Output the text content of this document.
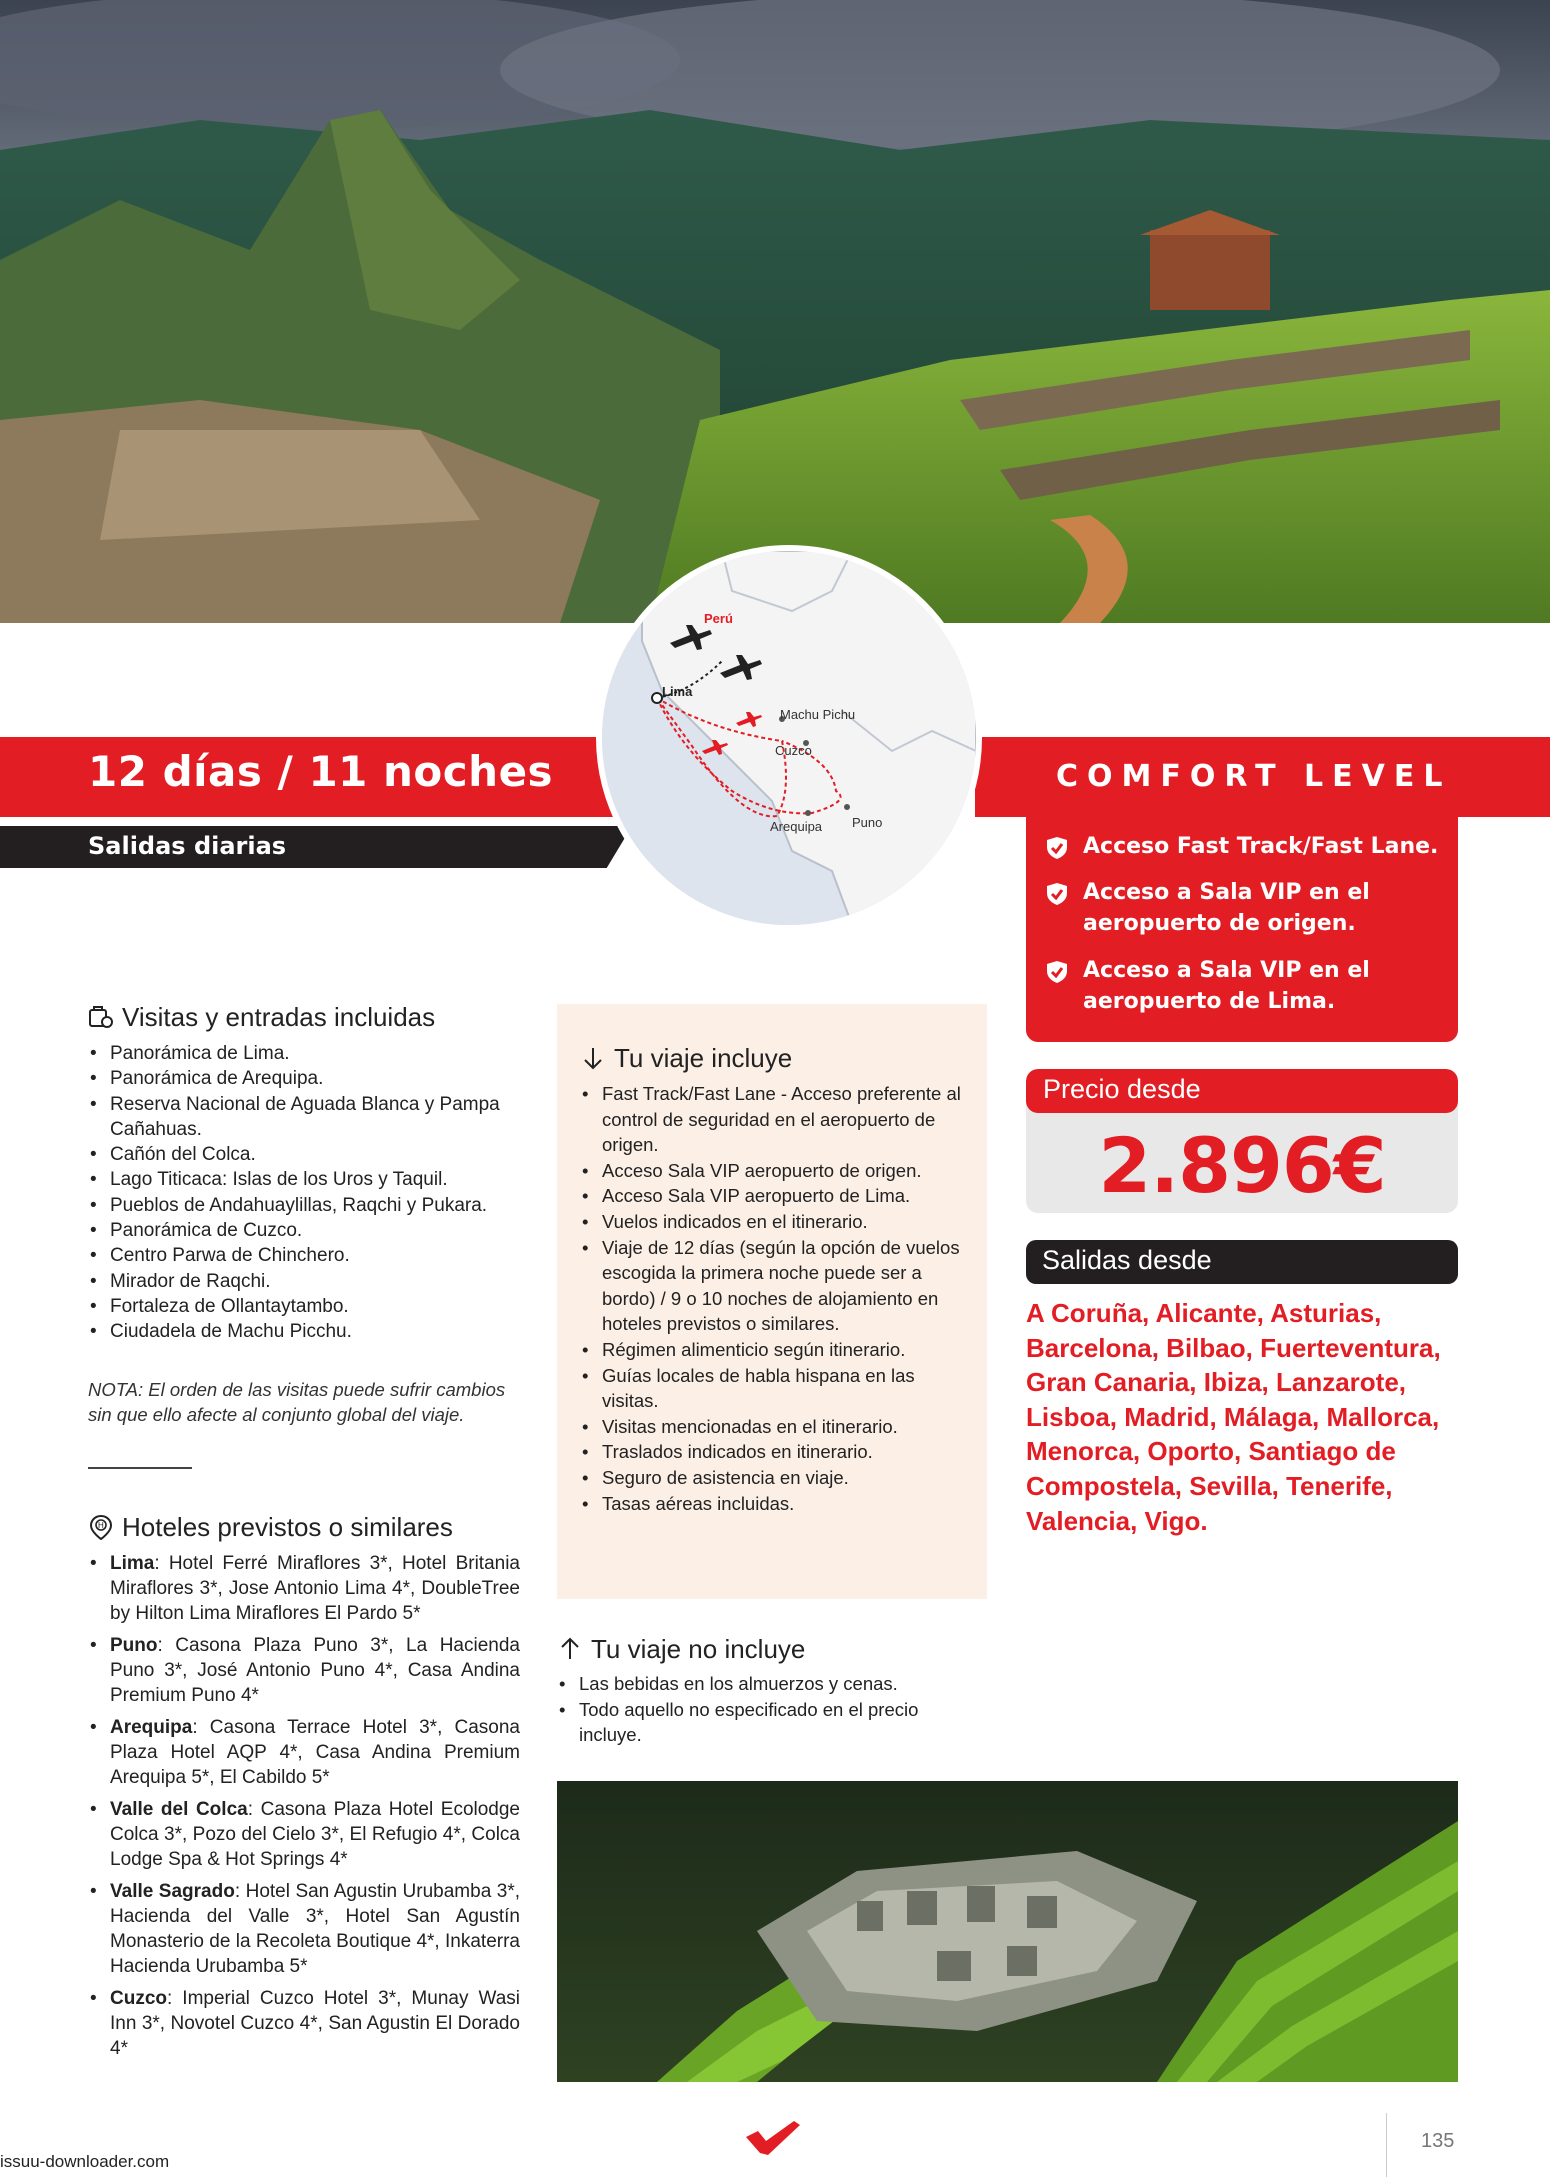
12 días / 11 noches	COMFORT LEVEL
Salidas diarias	Acceso Fast Track/Fast Lane.
Acceso a Sala VIP en el aeropuerto de origen.
Acceso a Sala VIP en el aeropuerto de Lima.
Perú
Lima
Machu Pichu
Cuzco
Arequipa Puno
Visitas y entradas incluidas
• Panorámica de Lima.
• Panorámica de Arequipa.
• Reserva Nacional de Aguada Blanca y Pampa Cañahuas.
• Cañón del Colca.
• Lago Titicaca: Islas de los Uros y Taquil.
• Pueblos de Andahuaylillas, Raqchi y Pukara.
• Panorámica de Cuzco.
• Centro Parwa de Chinchero.
• Mirador de Raqchi.
• Fortaleza de Ollantaytambo.
• Ciudadela de Machu Picchu.
NOTA: El orden de las visitas puede sufrir cambios sin que ello afecte al conjunto global del viaje.
H Hoteles previstos o similares
• Lima: Hotel Ferré Miraflores 3*, Hotel Britania Miraflores 3*, Jose Antonio Lima 4*, DoubleTree by Hilton Lima Miraflores El Pardo 5*
• Puno: Casona Plaza Puno 3*, La Hacienda Puno 3*, José Antonio Puno 4*, Casa Andina Premium Puno 4*
• Arequipa: Casona Terrace Hotel 3*, Casona Plaza Hotel AQP 4*, Casa Andina Premium Arequipa 5*, El Cabildo 5*
• Valle del Colca: Casona Plaza Hotel Ecolodge Colca 3*, Pozo del Cielo 3*, El Refugio 4*, Colca Lodge Spa & Hot Springs 4*
• Valle Sagrado: Hotel San Agustin Urubamba 3*, Hacienda del Valle 3*, Hotel San Agustín Monasterio de la Recoleta Boutique 4*, Inkaterra Hacienda Urubamba 5*
• Cuzco: Imperial Cuzco Hotel 3*, Munay Wasi Inn 3*, Novotel Cuzco 4*, San Agustin El Dorado 4*
Tu viaje incluye
• Fast Track/Fast Lane - Acceso preferente al control de seguridad en el aeropuerto de origen.
• Acceso Sala VIP aeropuerto de origen.
• Acceso Sala VIP aeropuerto de Lima.
• Vuelos indicados en el itinerario.
• Viaje de 12 días (según la opción de vuelos escogida la primera noche puede ser a bordo) / 9 o 10 noches de alojamiento en hoteles previstos o similares.
• Régimen alimenticio según itinerario.
• Guías locales de habla hispana en las visitas.
• Visitas mencionadas en el itinerario.
• Traslados indicados en itinerario.
• Seguro de asistencia en viaje.
• Tasas aéreas incluidas.
Tu viaje no incluye
• Las bebidas en los almuerzos y cenas.
• Todo aquello no especificado en el precio incluye.
Precio desde
2.896€
Salidas desde
A Coruña, Alicante, Asturias, Barcelona, Bilbao, Fuerteventura, Gran Canaria, Ibiza, Lanzarote, Lisboa, Madrid, Málaga, Mallorca, Menorca, Oporto, Santiago de Compostela, Sevilla, Tenerife, Valencia, Vigo.
135
issuu-downloader.com
